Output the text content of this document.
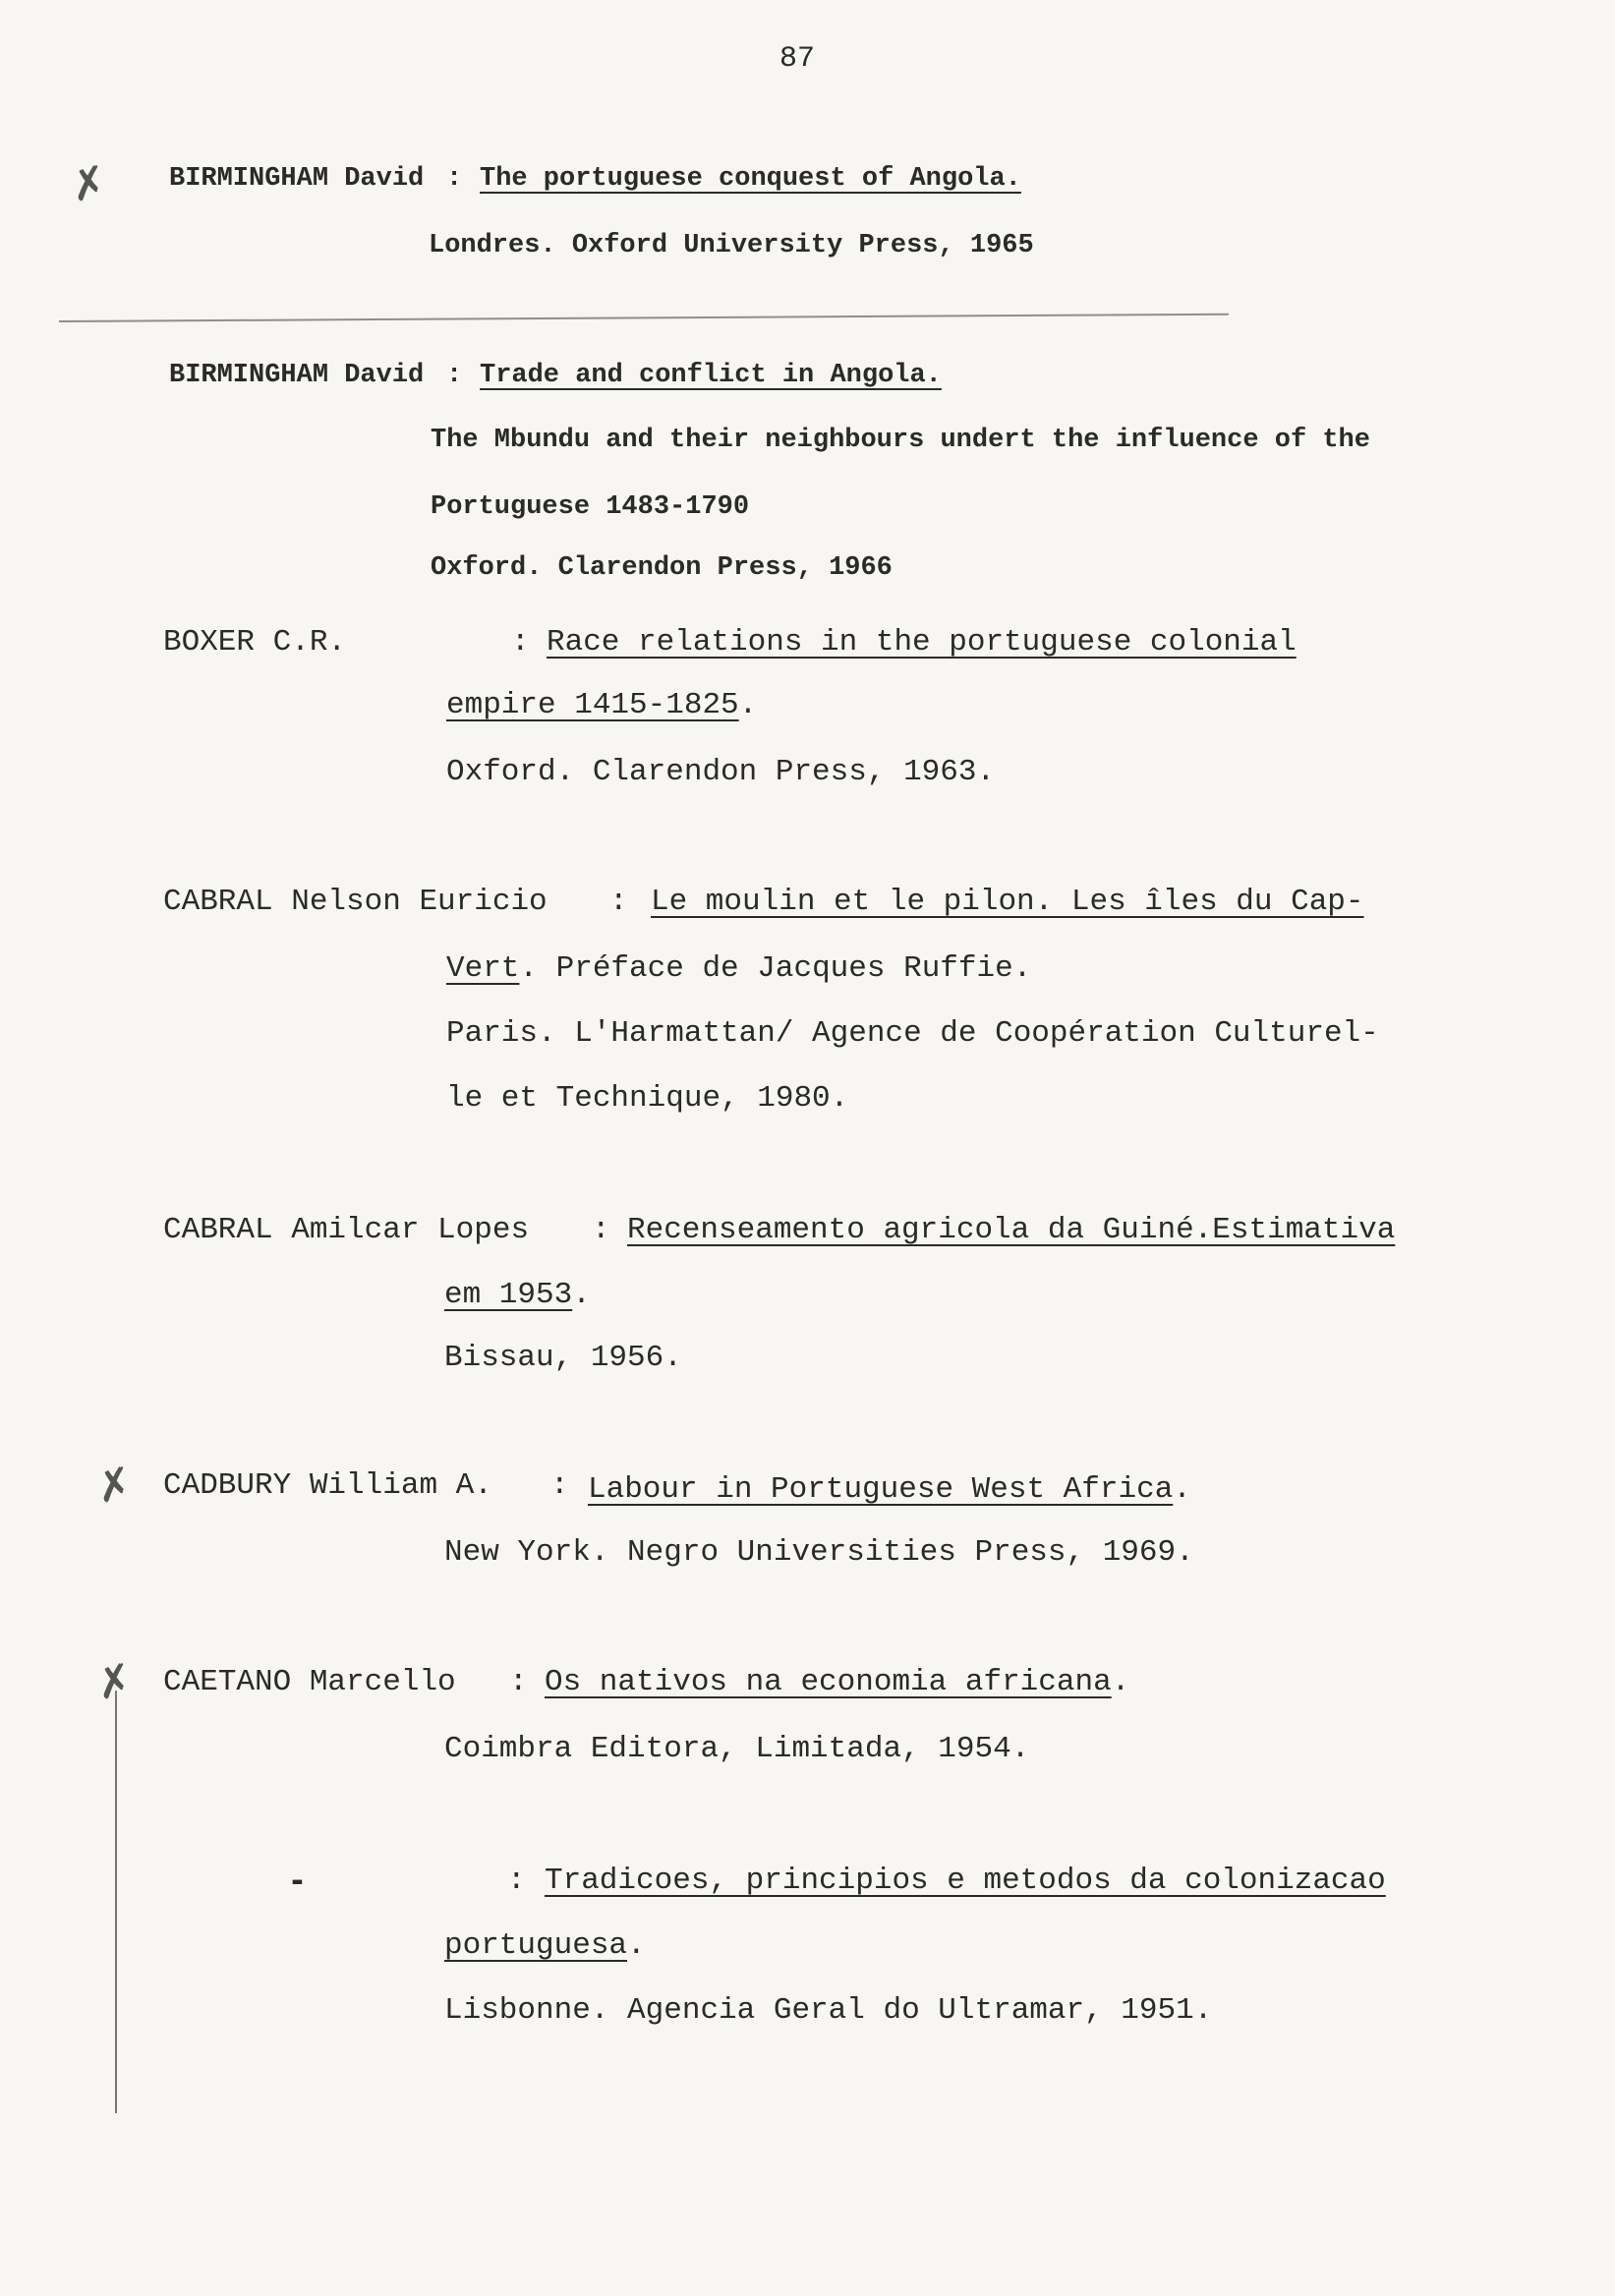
87
✗
✗
✗
BIRMINGHAM David : The portuguese conquest of Angola.
Londres. Oxford University Press, 1965
BIRMINGHAM David : Trade and conflict in Angola.
The Mbundu and their neighbours undert the influence of the
Portuguese 1483-1790
Oxford. Clarendon Press, 1966
BOXER C.R.	: Race relations in the portuguese colonial
empire 1415-1825.
Oxford. Clarendon Press, 1963.
CABRAL Nelson Euricio : Le moulin et le pilon. Les îles du Cap-
Vert. Préface de Jacques Ruffie.
Paris. L'Harmattan/ Agence de Coopération Culturel-
le et Technique, 1980.
CABRAL Amilcar Lopes : Recenseamento agricola da Guiné.Estimativa
em 1953.
Bissau, 1956.
CADBURY William A. : Labour in Portuguese West Africa.
New York. Negro Universities Press, 1969.
CAETANO Marcello : Os nativos na economia africana.
Coimbra Editora, Limitada, 1954.
-	: Tradicoes, principios e metodos da colonizacao
portuguesa.
Lisbonne. Agencia Geral do Ultramar, 1951.
